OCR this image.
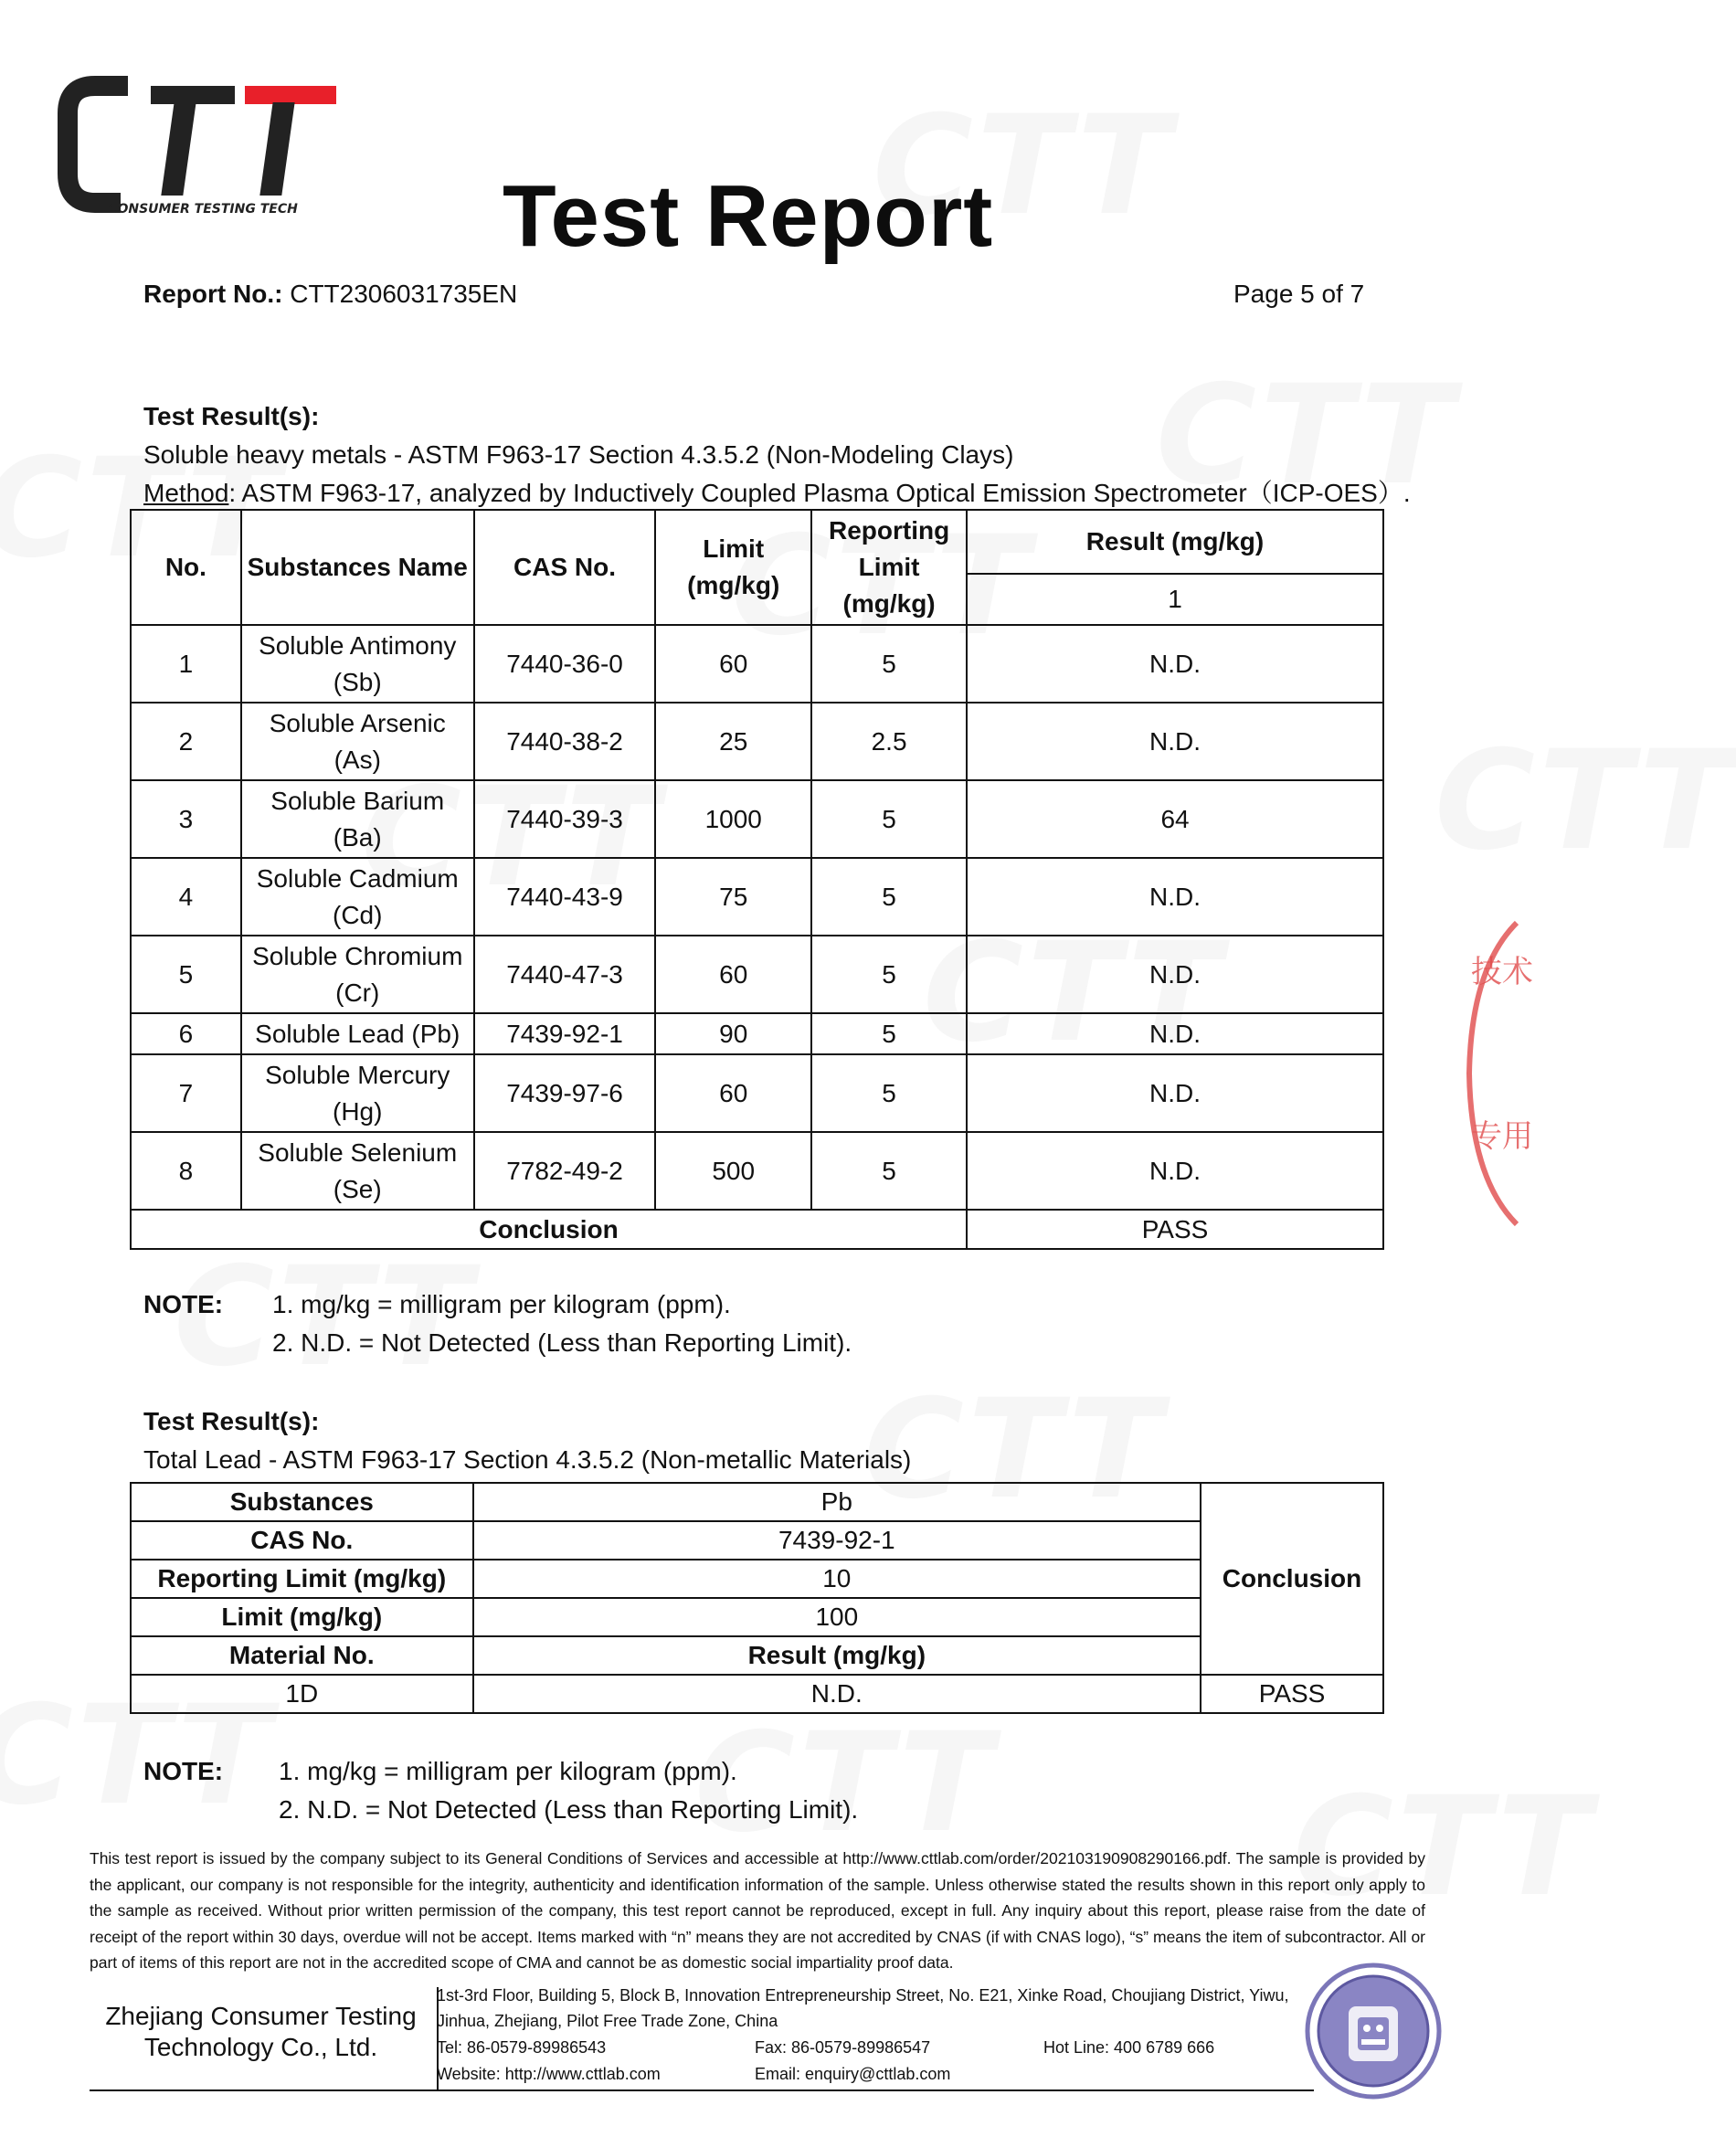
CONSUMER TESTING TECH Test Report
Report No.: CTT2306031735EN	Page 5 of 7
Test Result(s):
Soluble heavy metals - ASTM F963-17 Section 4.3.5.2 (Non-Modeling Clays)
Method: ASTM F963-17, analyzed by Inductively Coupled Plasma Optical Emission Spectrometer（ICP-OES）.
No.	Substances Name	CAS No.	Limit (mg/kg)	Reporting Limit (mg/kg)	Result (mg/kg)
					1
1	Soluble Antimony (Sb)	7440-36-0	60	5	N.D.
2	Soluble Arsenic (As)	7440-38-2	25	2.5	N.D.
3	Soluble Barium (Ba)	7440-39-3	1000	5	64
4	Soluble Cadmium (Cd)	7440-43-9	75	5	N.D.
5	Soluble Chromium (Cr)	7440-47-3	60	5	N.D.
6	Soluble Lead (Pb)	7439-92-1	90	5	N.D.
7	Soluble Mercury (Hg)	7439-97-6	60	5	N.D.
8	Soluble Selenium (Se)	7782-49-2	500	5	N.D.
Conclusion					PASS
NOTE: 1. mg/kg = milligram per kilogram (ppm).
2. N.D. = Not Detected (Less than Reporting Limit).
Test Result(s):
Total Lead - ASTM F963-17 Section 4.3.5.2 (Non-metallic Materials)
Substances	Pb	Conclusion
CAS No.	7439-92-1	
Reporting Limit (mg/kg)	10	
Limit (mg/kg)	100	
Material No.	Result (mg/kg)	
1D	N.D.	PASS
NOTE: 1. mg/kg = milligram per kilogram (ppm).
2. N.D. = Not Detected (Less than Reporting Limit).
This test report is issued by the company subject to its General Conditions of Services and accessible at http://www.cttlab.com/order/202103190908290166.pdf. The sample is provided by the applicant, our company is not responsible for the integrity, authenticity and identification information of the sample. Unless otherwise stated the results shown in this report only apply to the sample as received. Without prior written permission of the company, this test report cannot be reproduced, except in full. Any inquiry about this report, please raise from the date of receipt of the report within 30 days, overdue will not be accept. Items marked with “n” means they are not accredited by CNAS (if with CNAS logo), “s” means the item of subcontractor. All or part of items of this report are not in the accredited scope of CMA and cannot be as domestic social impartiality proof data.
Zhejiang Consumer Testing
Technology Co., Ltd.
1st-3rd Floor, Building 5, Block B, Innovation Entrepreneurship Street, No. E21, Xinke Road, Choujiang District, Yiwu,
Jinhua, Zhejiang, Pilot Free Trade Zone, China
Tel: 86-0579-89986543	Fax: 86-0579-89986547	Hot Line: 400 6789 666
Website: http://www.cttlab.com	Email: enquiry@cttlab.com
技术
专用
